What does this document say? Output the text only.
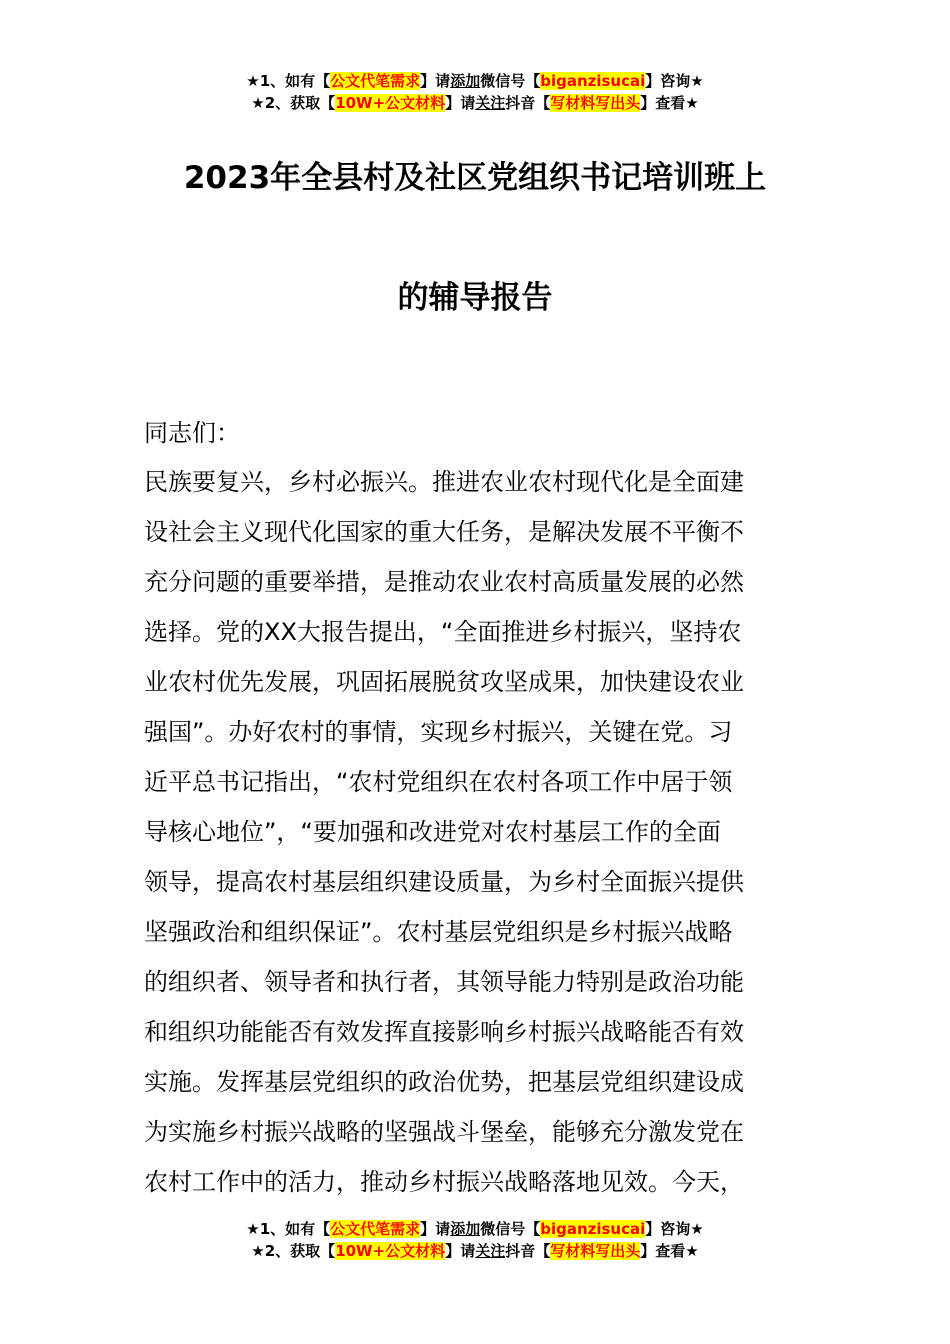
★1、如有【公文代笔需求】请添加微信号【biganzisucai】咨询★
★2、获取【10W+公文材料】请关注抖音【写材料写出头】查看★
2023年全县村及社区党组织书记培训班上
的辅导报告
同志们：
民族要复兴，乡村必振兴。推进农业农村现代化是全面建
设社会主义现代化国家的重大任务，是解决发展不平衡不
充分问题的重要举措，是推动农业农村高质量发展的必然
选择。党的XX大报告提出，“全面推进乡村振兴，坚持农
业农村优先发展，巩固拓展脱贫攻坚成果，加快建设农业
强国”。办好农村的事情，实现乡村振兴，关键在党。习
近平总书记指出，“农村党组织在农村各项工作中居于领
导核心地位”，“要加强和改进党对农村基层工作的全面
领导，提高农村基层组织建设质量，为乡村全面振兴提供
坚强政治和组织保证”。农村基层党组织是乡村振兴战略
的组织者、领导者和执行者，其领导能力特别是政治功能
和组织功能能否有效发挥直接影响乡村振兴战略能否有效
实施。发挥基层党组织的政治优势，把基层党组织建设成
为实施乡村振兴战略的坚强战斗堡垒，能够充分激发党在
农村工作中的活力，推动乡村振兴战略落地见效。今天，
★1、如有【公文代笔需求】请添加微信号【biganzisucai】咨询★
★2、获取【10W+公文材料】请关注抖音【写材料写出头】查看★
